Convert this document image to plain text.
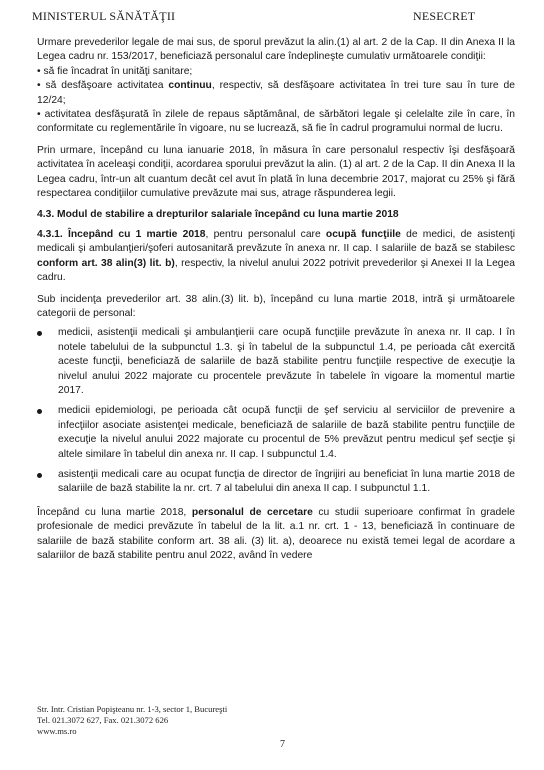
MINISTERUL SĂNĂTĂŢII	NESECRET

Urmare prevederilor legale de mai sus, de sporul prevăzut la alin.(1) al art. 2 de la Cap. II din Anexa II la Legea cadru nr. 153/2017, beneficiază personalul care îndeplineşte cumulativ următoarele condiţii:

• să fie încadrat în unităţi sanitare;

• să desfăşoare activitatea continuu, respectiv, să desfăşoare activitatea în trei ture sau în ture de 12/24;

• activitatea desfăşurată în zilele de repaus săptămânal, de sărbători legale şi celelalte zile în care, în conformitate cu reglementările în vigoare, nu se lucrează, să fie în cadrul programului normal de lucru.

Prin urmare, începând cu luna ianuarie 2018, în măsura în care personalul respectiv îşi desfăşoară activitatea în aceleaşi condiţii, acordarea sporului prevăzut la alin. (1) al art. 2 de la Cap. II din Anexa II la Legea cadru, într-un alt cuantum decât cel avut în plată în luna decembrie 2017, majorat cu 25% şi fără respectarea condiţiilor cumulative prevăzute mai sus, atrage răspunderea legii.

4.3. Modul de stabilire a drepturilor salariale începând cu luna martie 2018

4.3.1. Începând cu 1 martie 2018, pentru personalul care ocupă funcţiile de medici, de asistenţi medicali şi ambulanţieri/şoferi autosanitară prevăzute în anexa nr. II cap. I salariile de bază se stabilesc conform art. 38 alin(3) lit. b), respectiv, la nivelul anului 2022 potrivit prevederilor şi Anexei II la Legea cadru.

Sub incidenţa prevederilor art. 38 alin.(3) lit. b), începând cu luna martie 2018, intră şi următoarele categorii de personal:

medicii, asistenţii medicali şi ambulanţierii care ocupă funcţiile prevăzute în anexa nr. II cap. I în notele tabelului de la subpunctul 1.3. şi în tabelul de la subpunctul 1.4, pe perioada cât exercită aceste funcţii, beneficiază de salariile de bază stabilite pentru funcţiile respective de execuţie la nivelul anului 2022 majorate cu procentele prevăzute în tabelele în vigoare la momentul martie 2017.
medicii epidemiologi, pe perioada cât ocupă funcţii de şef serviciu al serviciilor de prevenire a infecţiilor asociate asistenţei medicale, beneficiază de salariile de bază stabilite pentru funcţiile de execuţie la nivelul anului 2022 majorate cu procentul de 5% prevăzut pentru medicul şef secţie şi altele similare în tabelul din anexa nr. II cap. I subpunctul 1.4.
asistenţii medicali care au ocupat funcţia de director de îngrijiri au beneficiat în luna martie 2018 de salariile de bază stabilite la nr. crt. 7 al tabelului din anexa II cap. I subpunctul 1.1.

Începând cu luna martie 2018, personalul de cercetare cu studii superioare confirmat în gradele profesionale de medici prevăzute în tabelul de la lit. a.1 nr. crt. 1 - 13, beneficiază în continuare de salariile de bază stabilite conform art. 38 ali. (3) lit. a), deoarece nu există temei legal de acordare a salariilor de bază stabilite pentru anul 2022, având în vedere

Str. Intr. Cristian Popişteanu nr. 1-3, sector 1, Bucureşti
Tel. 021.3072 627, Fax. 021.3072 626
www.ms.ro
7
